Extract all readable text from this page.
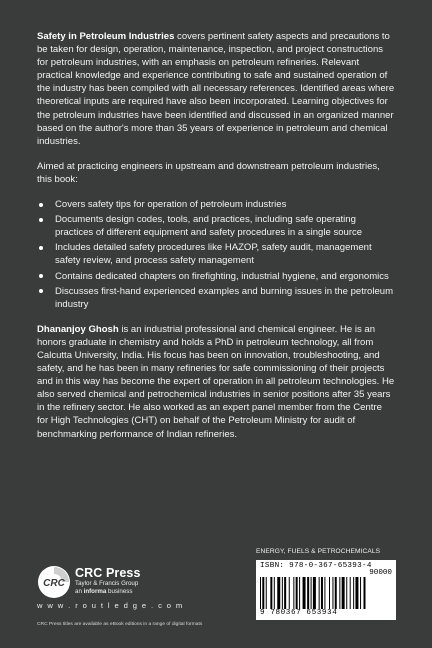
Safety in Petroleum Industries covers pertinent safety aspects and precautions to be taken for design, operation, maintenance, inspection, and project constructions for petroleum industries, with an emphasis on petroleum refineries. Relevant practical knowledge and experience contributing to safe and sustained operation of the industry has been compiled with all necessary references. Identified areas where theoretical inputs are required have also been incorporated. Learning objectives for the petroleum industries have been identified and discussed in an organized manner based on the author's more than 35 years of experience in petroleum and chemical industries.

Aimed at practicing engineers in upstream and downstream petroleum industries, this book:

Covers safety tips for operation of petroleum industries
Documents design codes, tools, and practices, including safe operating practices of different equipment and safety procedures in a single source
Includes detailed safety procedures like HAZOP, safety audit, management safety review, and process safety management
Contains dedicated chapters on firefighting, industrial hygiene, and ergonomics
Discusses first-hand experienced examples and burning issues in the petroleum industry

Dhananjoy Ghosh is an industrial professional and chemical engineer. He is an honors graduate in chemistry and holds a PhD in petroleum technology, all from Calcutta University, India. His focus has been on innovation, troubleshooting, and safety, and he has been in many refineries for safe commissioning of their projects and in this way has become the expert of operation in all petroleum technologies. He also served chemical and petrochemical industries in senior positions after 35 years in the refinery sector. He also worked as an expert panel member from the Centre for High Technologies (CHT) on behalf of the Petroleum Ministry for audit of benchmarking performance of Indian refineries.

CRC
CRC Press
Taylor & Francis Group
an informa business
w w w . r o u t l e d g e . c o m
CRC Press titles are available as eBook editions in a range of digital formats
ENERGY, FUELS & PETROCHEMICALS
ISBN: 978-0-367-65393-4
90000
9 780367 653934
